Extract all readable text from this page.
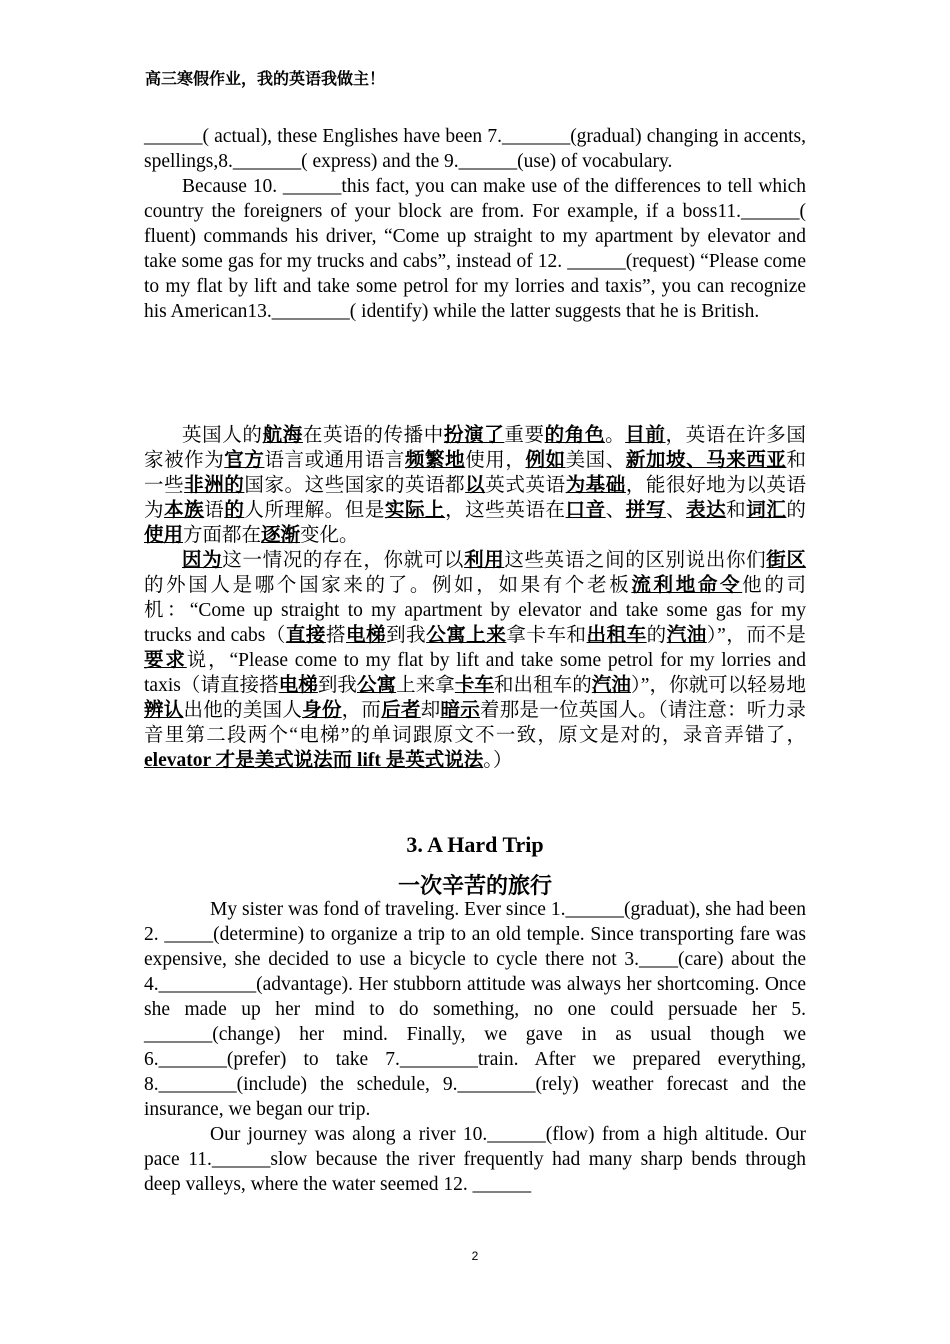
高三寒假作业，我的英语我做主！

______( actual), these Englishes have been 7._______(gradual) changing in accents, spellings,8._______( express) and the 9.______(use) of vocabulary.

Because 10. ______this fact, you can make use of the differences to tell which country the foreigners of your block are from. For example, if a boss11.______( fluent) commands his driver, “Come up straight to my apartment by elevator and take some gas for my trucks and cabs”, instead of 12. ______(request) “Please come to my flat by lift and take some petrol for my lorries and taxis”, you can recognize his American13.________( identify) while the latter suggests that he is British.

英国人的航海在英语的传播中扮演了重要的角色。目前，英语在许多国家被作为官方语言或通用语言频繁地使用，例如美国、新加坡、马来西亚和一些非洲的国家。这些国家的英语都以英式英语为基础，能很好地为以英语为本族语的人所理解。但是实际上，这些英语在口音、拼写、表达和词汇的使用方面都在逐渐变化。

因为这一情况的存在，你就可以利用这些英语之间的区别说出你们街区的外国人是哪个国家来的了。例如，如果有个老板流利地命令他的司机：“Come up straight to my apartment by elevator and take some gas for my trucks and cabs（直接搭电梯到我公寓上来拿卡车和出租车的汽油）”，而不是要求说，“Please come to my flat by lift and take some petrol for my lorries and taxis（请直接搭电梯到我公寓上来拿卡车和出租车的汽油）”，你就可以轻易地辨认出他的美国人身份，而后者却暗示着那是一位英国人。（请注意：听力录音里第二段两个“电梯”的单词跟原文不一致，原文是对的，录音弄错了，elevator 才是美式说法而 lift 是英式说法。）

3. A Hard Trip
一次辛苦的旅行

My sister was fond of traveling. Ever since 1.______(graduat), she had been 2. _____(determine) to organize a trip to an old temple. Since transporting fare was expensive, she decided to use a bicycle to cycle there not 3.____(care) about the 4.__________(advantage). Her stubborn attitude was always her shortcoming. Once she made up her mind to do something, no one could persuade her 5. _______(change) her mind. Finally, we gave in as usual though we 6._______(prefer) to take 7.________train. After we prepared everything, 8.________(include) the schedule, 9.________(rely) weather forecast and the insurance, we began our trip.

Our journey was along a river 10.______(flow) from a high altitude. Our pace 11.______slow because the river frequently had many sharp bends through deep valleys, where the water seemed 12. ______

2
